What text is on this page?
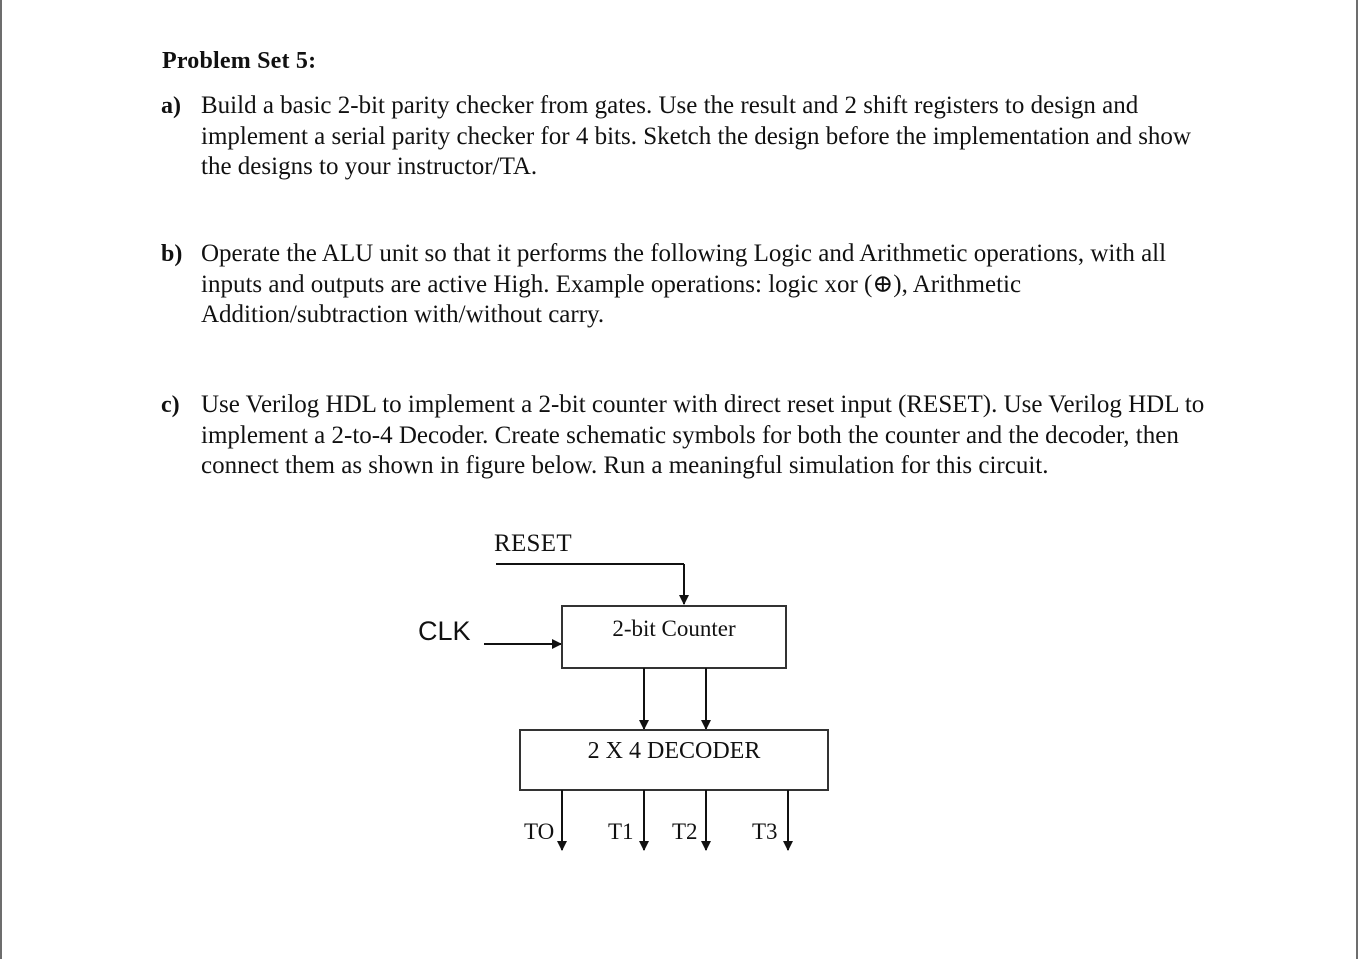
Problem Set 5:
a) Build a basic 2-bit parity checker from gates. Use the result and 2 shift registers to design and implement a serial parity checker for 4 bits. Sketch the design before the implementation and show the designs to your instructor/TA.
b) Operate the ALU unit so that it performs the following Logic and Arithmetic operations, with all inputs and outputs are active High. Example operations: logic xor (⊕), Arithmetic Addition/subtraction with/without carry.
c) Use Verilog HDL to implement a 2-bit counter with direct reset input (RESET). Use Verilog HDL to implement a 2-to-4 Decoder. Create schematic symbols for both the counter and the decoder, then connect them as shown in figure below. Run a meaningful simulation for this circuit.
RESET
CLK	2-bit Counter
2 X 4 DECODER
TO T1 T2 T3
